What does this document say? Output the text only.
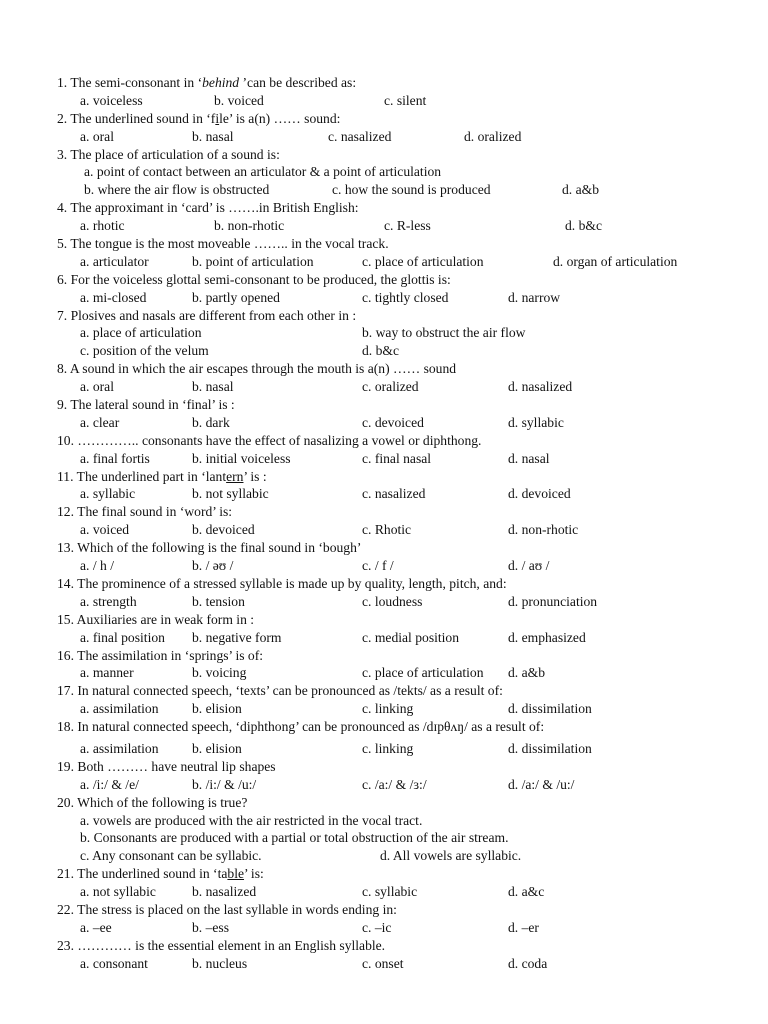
1. The semi-consonant in ‘behind ’can be described as:
a. voiceless	b. voiced	c. silent
2. The underlined sound in ‘file’ is a(n) …… sound:
a. oral	b. nasal	c. nasalized	d. oralized
3. The place of articulation of a sound is:
a. point of contact between an articulator & a point of articulation
b. where the air flow is obstructed	c. how the sound is produced	d. a&b
4. The approximant in ‘card’ is …….in British English:
a. rhotic	b. non-rhotic	c. R-less	d. b&c
5. The tongue is the most moveable …….. in the vocal track.
a. articulator	b. point of articulation	c. place of articulation	d. organ of articulation
6. For the voiceless glottal semi-consonant to be produced, the glottis is:
a. mi-closed	b. partly opened	c. tightly closed	d. narrow
7. Plosives and nasals are different from each other in :
a. place of articulation	b. way to obstruct the air flow
c. position of the velum	d. b&c
8. A sound in which the air escapes through the mouth is a(n) …… sound
a. oral	b. nasal	c. oralized	d. nasalized
9. The lateral sound in ‘final’ is :
a. clear	b. dark	c. devoiced	d. syllabic
10. ………….. consonants have the effect of nasalizing a vowel or diphthong.
a. final fortis	b. initial voiceless	c. final nasal	d. nasal
11. The underlined part in ‘lantern’ is :
a. syllabic	b. not syllabic	c. nasalized	d. devoiced
12. The final sound in ‘word’ is:
a. voiced	b. devoiced	c. Rhotic	d. non-rhotic
13. Which of the following is the final sound in ‘bough’
a. / h /	b. / əʊ /	c. / f /	d. / aʊ /
14. The prominence of a stressed syllable is made up by quality, length, pitch, and:
a. strength	b. tension	c. loudness	d. pronunciation
15. Auxiliaries are in weak form in :
a. final position b. negative form	c. medial position	d. emphasized
16. The assimilation in ‘springs’ is of:
a. manner	b. voicing	c. place of articulation d. a&b
17. In natural connected speech, ‘texts’ can be pronounced as /tekts/ as a result of:
a. assimilation b. elision	c. linking	d. dissimilation
18. In natural connected speech, ‘diphthong’ can be pronounced as /dɪpθʌŋ/ as a result of:
a. assimilation b. elision	c. linking	d. dissimilation
19. Both ……… have neutral lip shapes
a. /i:/ & /e/	b. /i:/ & /u:/	c. /a:/ & /ɜ:/	d. /a:/ & /u:/
20. Which of the following is true?
a. vowels are produced with the air restricted in the vocal tract.
b. Consonants are produced with a partial or total obstruction of the air stream.
c. Any consonant can be syllabic.	d. All vowels are syllabic.
21. The underlined sound in ‘table’ is:
a. not syllabic	b. nasalized	c. syllabic	d. a&c
22. The stress is placed on the last syllable in words ending in:
a. –ee	b. –ess	c. –ic	d. –er
23. ………… is the essential element in an English syllable.
a. consonant	b. nucleus	c. onset	d. coda
